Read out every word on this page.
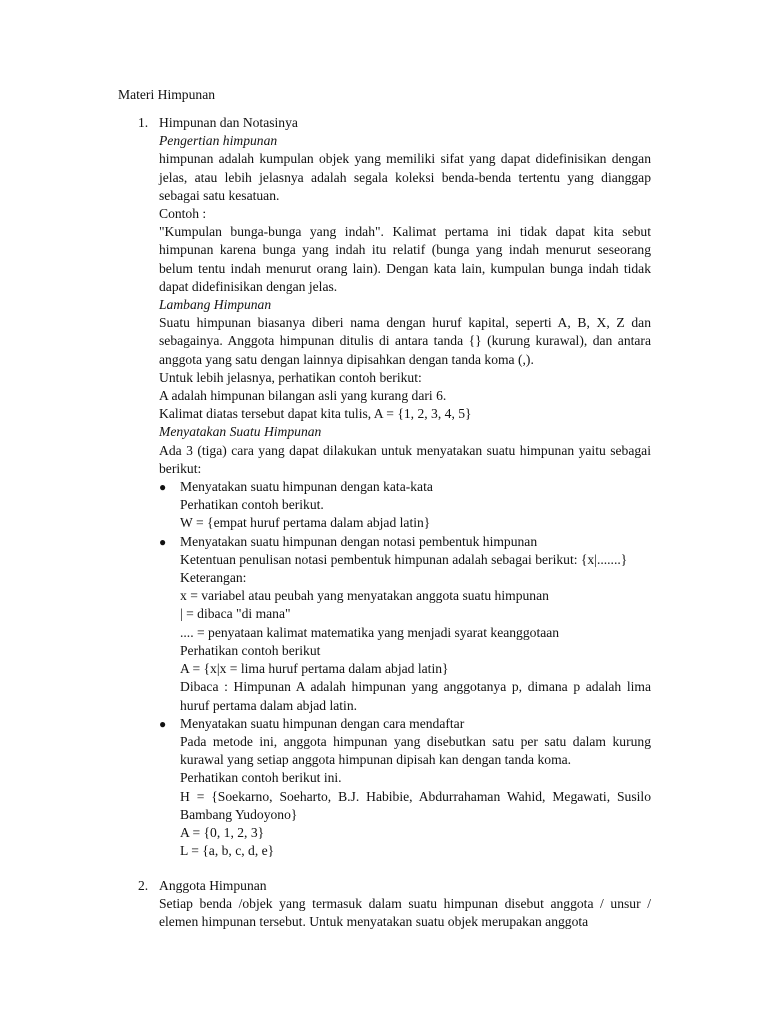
Materi Himpunan
1. Himpunan dan Notasinya

Pengertian himpunan

himpunan adalah kumpulan objek yang memiliki sifat yang dapat didefinisikan dengan jelas, atau lebih jelasnya adalah segala koleksi benda-benda tertentu yang dianggap sebagai satu kesatuan.

Contoh :

"Kumpulan bunga-bunga yang indah". Kalimat pertama ini tidak dapat kita sebut himpunan karena bunga yang indah itu relatif (bunga yang indah menurut seseorang belum tentu indah menurut orang lain). Dengan kata lain, kumpulan bunga indah tidak dapat didefinisikan dengan jelas.

Lambang Himpunan

Suatu himpunan biasanya diberi nama dengan huruf kapital, seperti A, B, X, Z dan sebagainya. Anggota himpunan ditulis di antara tanda {} (kurung kurawal), dan antara anggota yang satu dengan lainnya dipisahkan dengan tanda koma (,).

Untuk lebih jelasnya, perhatikan contoh berikut:

A adalah himpunan bilangan asli yang kurang dari 6.

Kalimat diatas tersebut dapat kita tulis, A = {1, 2, 3, 4, 5}

Menyatakan Suatu Himpunan

Ada 3 (tiga) cara yang dapat dilakukan untuk menyatakan suatu himpunan yaitu sebagai berikut:

● Menyatakan suatu himpunan dengan kata-kata

Perhatikan contoh berikut.

W = {empat huruf pertama dalam abjad latin}

● Menyatakan suatu himpunan dengan notasi pembentuk himpunan

Ketentuan penulisan notasi pembentuk himpunan adalah sebagai berikut: {x|.......}

Keterangan:

x = variabel atau peubah yang menyatakan anggota suatu himpunan

| = dibaca "di mana"

.... = penyataan kalimat matematika yang menjadi syarat keanggotaan

Perhatikan contoh berikut

A = {x|x = lima huruf pertama dalam abjad latin}

Dibaca : Himpunan A adalah himpunan yang anggotanya p, dimana p adalah lima huruf pertama dalam abjad latin.

● Menyatakan suatu himpunan dengan cara mendaftar

Pada metode ini, anggota himpunan yang disebutkan satu per satu dalam kurung kurawal yang setiap anggota himpunan dipisah kan dengan tanda koma.

Perhatikan contoh berikut ini.

H = {Soekarno, Soeharto, B.J. Habibie, Abdurrahaman Wahid, Megawati, Susilo Bambang Yudoyono}

A = {0, 1, 2, 3}

L = {a, b, c, d, e}

2. Anggota Himpunan

Setiap benda /objek yang termasuk dalam suatu himpunan disebut anggota / unsur / elemen himpunan tersebut. Untuk menyatakan suatu objek merupakan anggota
